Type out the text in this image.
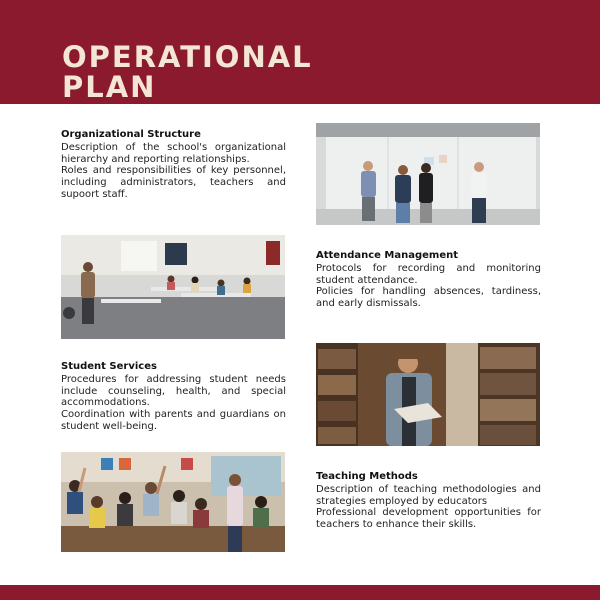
OPERATIONAL
PLAN
Organizational Structure

Description of the school's organizational hierarchy and reporting relationships.

Roles and responsibilities of key personnel, including administrators, teachers and supoort staff.

Attendance Management

Protocols for recording and monitoring student attendance.

Policies for handling absences, tardiness, and early dismissals.

Student Services

Procedures for addressing student needs include counseling, health, and special accommodations.

Coordination with parents and guardians on student well-being.

Teaching Methods

Description of teaching methodologies and strategies employed by educators

Professional development opportunities for teachers to enhance their skills.
